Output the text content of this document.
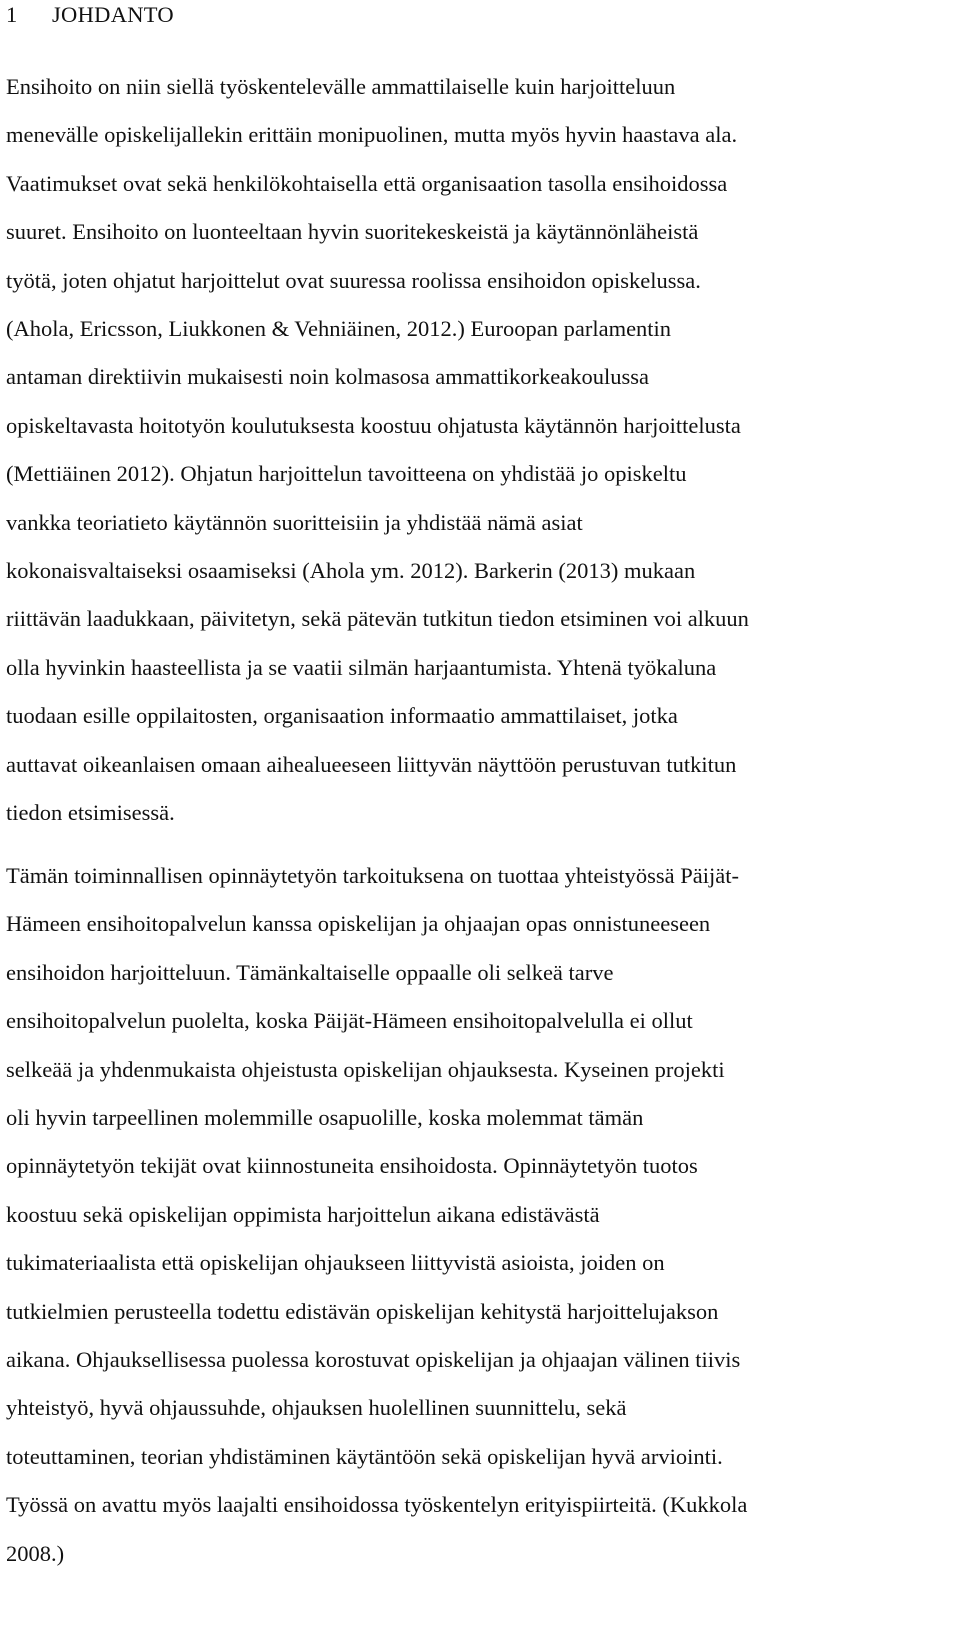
1 JOHDANTO
Ensihoito on niin siellä työskentelevälle ammattilaiselle kuin harjoitteluun
menevälle opiskelijallekin erittäin monipuolinen, mutta myös hyvin haastava ala.
Vaatimukset ovat sekä henkilökohtaisella että organisaation tasolla ensihoidossa
suuret. Ensihoito on luonteeltaan hyvin suoritekeskeistä ja käytännönläheistä
työtä, joten ohjatut harjoittelut ovat suuressa roolissa ensihoidon opiskelussa.
(Ahola, Ericsson, Liukkonen & Vehniäinen, 2012.) Euroopan parlamentin
antaman direktiivin mukaisesti noin kolmasosa ammattikorkeakoulussa
opiskeltavasta hoitotyön koulutuksesta koostuu ohjatusta käytännön harjoittelusta
(Mettiäinen 2012). Ohjatun harjoittelun tavoitteena on yhdistää jo opiskeltu
vankka teoriatieto käytännön suoritteisiin ja yhdistää nämä asiat
kokonaisvaltaiseksi osaamiseksi (Ahola ym. 2012). Barkerin (2013) mukaan
riittävän laadukkaan, päivitetyn, sekä pätevän tutkitun tiedon etsiminen voi alkuun
olla hyvinkin haasteellista ja se vaatii silmän harjaantumista. Yhtenä työkaluna
tuodaan esille oppilaitosten, organisaation informaatio ammattilaiset, jotka
auttavat oikeanlaisen omaan aihealueeseen liittyvän näyttöön perustuvan tutkitun
tiedon etsimisessä.
Tämän toiminnallisen opinnäytetyön tarkoituksena on tuottaa yhteistyössä Päijät-
Hämeen ensihoitopalvelun kanssa opiskelijan ja ohjaajan opas onnistuneeseen
ensihoidon harjoitteluun. Tämänkaltaiselle oppaalle oli selkeä tarve
ensihoitopalvelun puolelta, koska Päijät-Hämeen ensihoitopalvelulla ei ollut
selkeää ja yhdenmukaista ohjeistusta opiskelijan ohjauksesta. Kyseinen projekti
oli hyvin tarpeellinen molemmille osapuolille, koska molemmat tämän
opinnäytetyön tekijät ovat kiinnostuneita ensihoidosta. Opinnäytetyön tuotos
koostuu sekä opiskelijan oppimista harjoittelun aikana edistävästä
tukimateriaalista että opiskelijan ohjaukseen liittyvistä asioista, joiden on
tutkielmien perusteella todettu edistävän opiskelijan kehitystä harjoittelujakson
aikana. Ohjauksellisessa puolessa korostuvat opiskelijan ja ohjaajan välinen tiivis
yhteistyö, hyvä ohjaussuhde, ohjauksen huolellinen suunnittelu, sekä
toteuttaminen, teorian yhdistäminen käytäntöön sekä opiskelijan hyvä arviointi.
Työssä on avattu myös laajalti ensihoidossa työskentelyn erityispiirteitä. (Kukkola
2008.)
